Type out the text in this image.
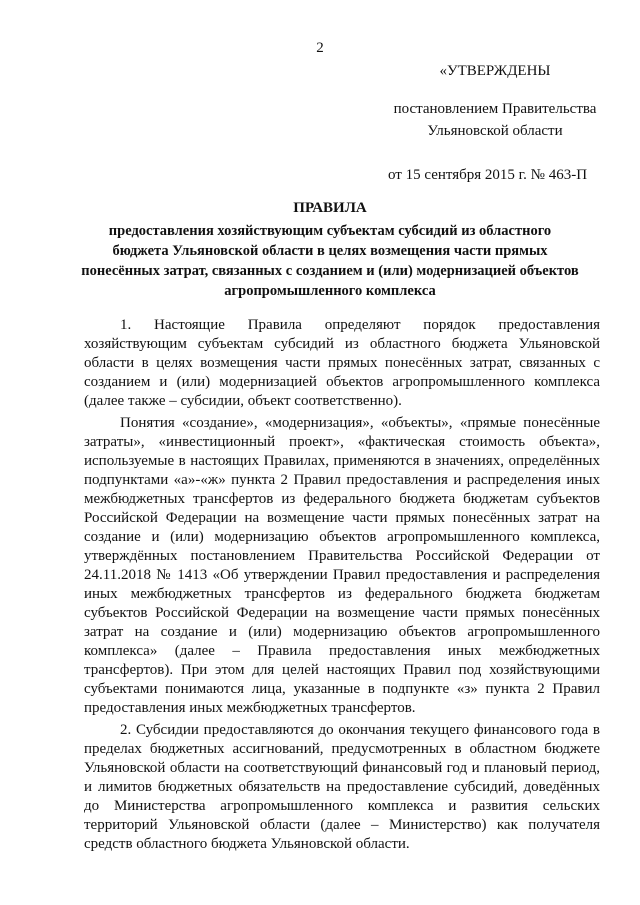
2
«УТВЕРЖДЕНЫ
постановлением Правительства
Ульяновской области
от 15 сентября 2015 г. № 463-П
ПРАВИЛА
предоставления хозяйствующим субъектам субсидий из областного бюджета Ульяновской области в целях возмещения части прямых понесённых затрат, связанных с созданием и (или) модернизацией объектов агропромышленного комплекса

1. Настоящие Правила определяют порядок предоставления хозяйствующим субъектам субсидий из областного бюджета Ульяновской области в целях возмещения части прямых понесённых затрат, связанных с созданием и (или) модернизацией объектов агропромышленного комплекса (далее также – субсидии, объект соответственно).

Понятия «создание», «модернизация», «объекты», «прямые понесённые затраты», «инвестиционный проект», «фактическая стоимость объекта», используемые в настоящих Правилах, применяются в значениях, определённых подпунктами «а»-«ж» пункта 2 Правил предоставления и распределения иных межбюджетных трансфертов из федерального бюджета бюджетам субъектов Российской Федерации на возмещение части прямых понесённых затрат на создание и (или) модернизацию объектов агропромышленного комплекса, утверждённых постановлением Правительства Российской Федерации от 24.11.2018 № 1413 «Об утверждении Правил предоставления и распределения иных межбюджетных трансфертов из федерального бюджета бюджетам субъектов Российской Федерации на возмещение части прямых понесённых затрат на создание и (или) модернизацию объектов агропромышленного комплекса» (далее – Правила предоставления иных межбюджетных трансфертов). При этом для целей настоящих Правил под хозяйствующими субъектами понимаются лица, указанные в подпункте «з» пункта 2 Правил предоставления иных межбюджетных трансфертов.

2. Субсидии предоставляются до окончания текущего финансового года в пределах бюджетных ассигнований, предусмотренных в областном бюджете Ульяновской области на соответствующий финансовый год и плановый период, и лимитов бюджетных обязательств на предоставление субсидий, доведённых до Министерства агропромышленного комплекса и развития сельских территорий Ульяновской области (далее – Министерство) как получателя средств областного бюджета Ульяновской области.
